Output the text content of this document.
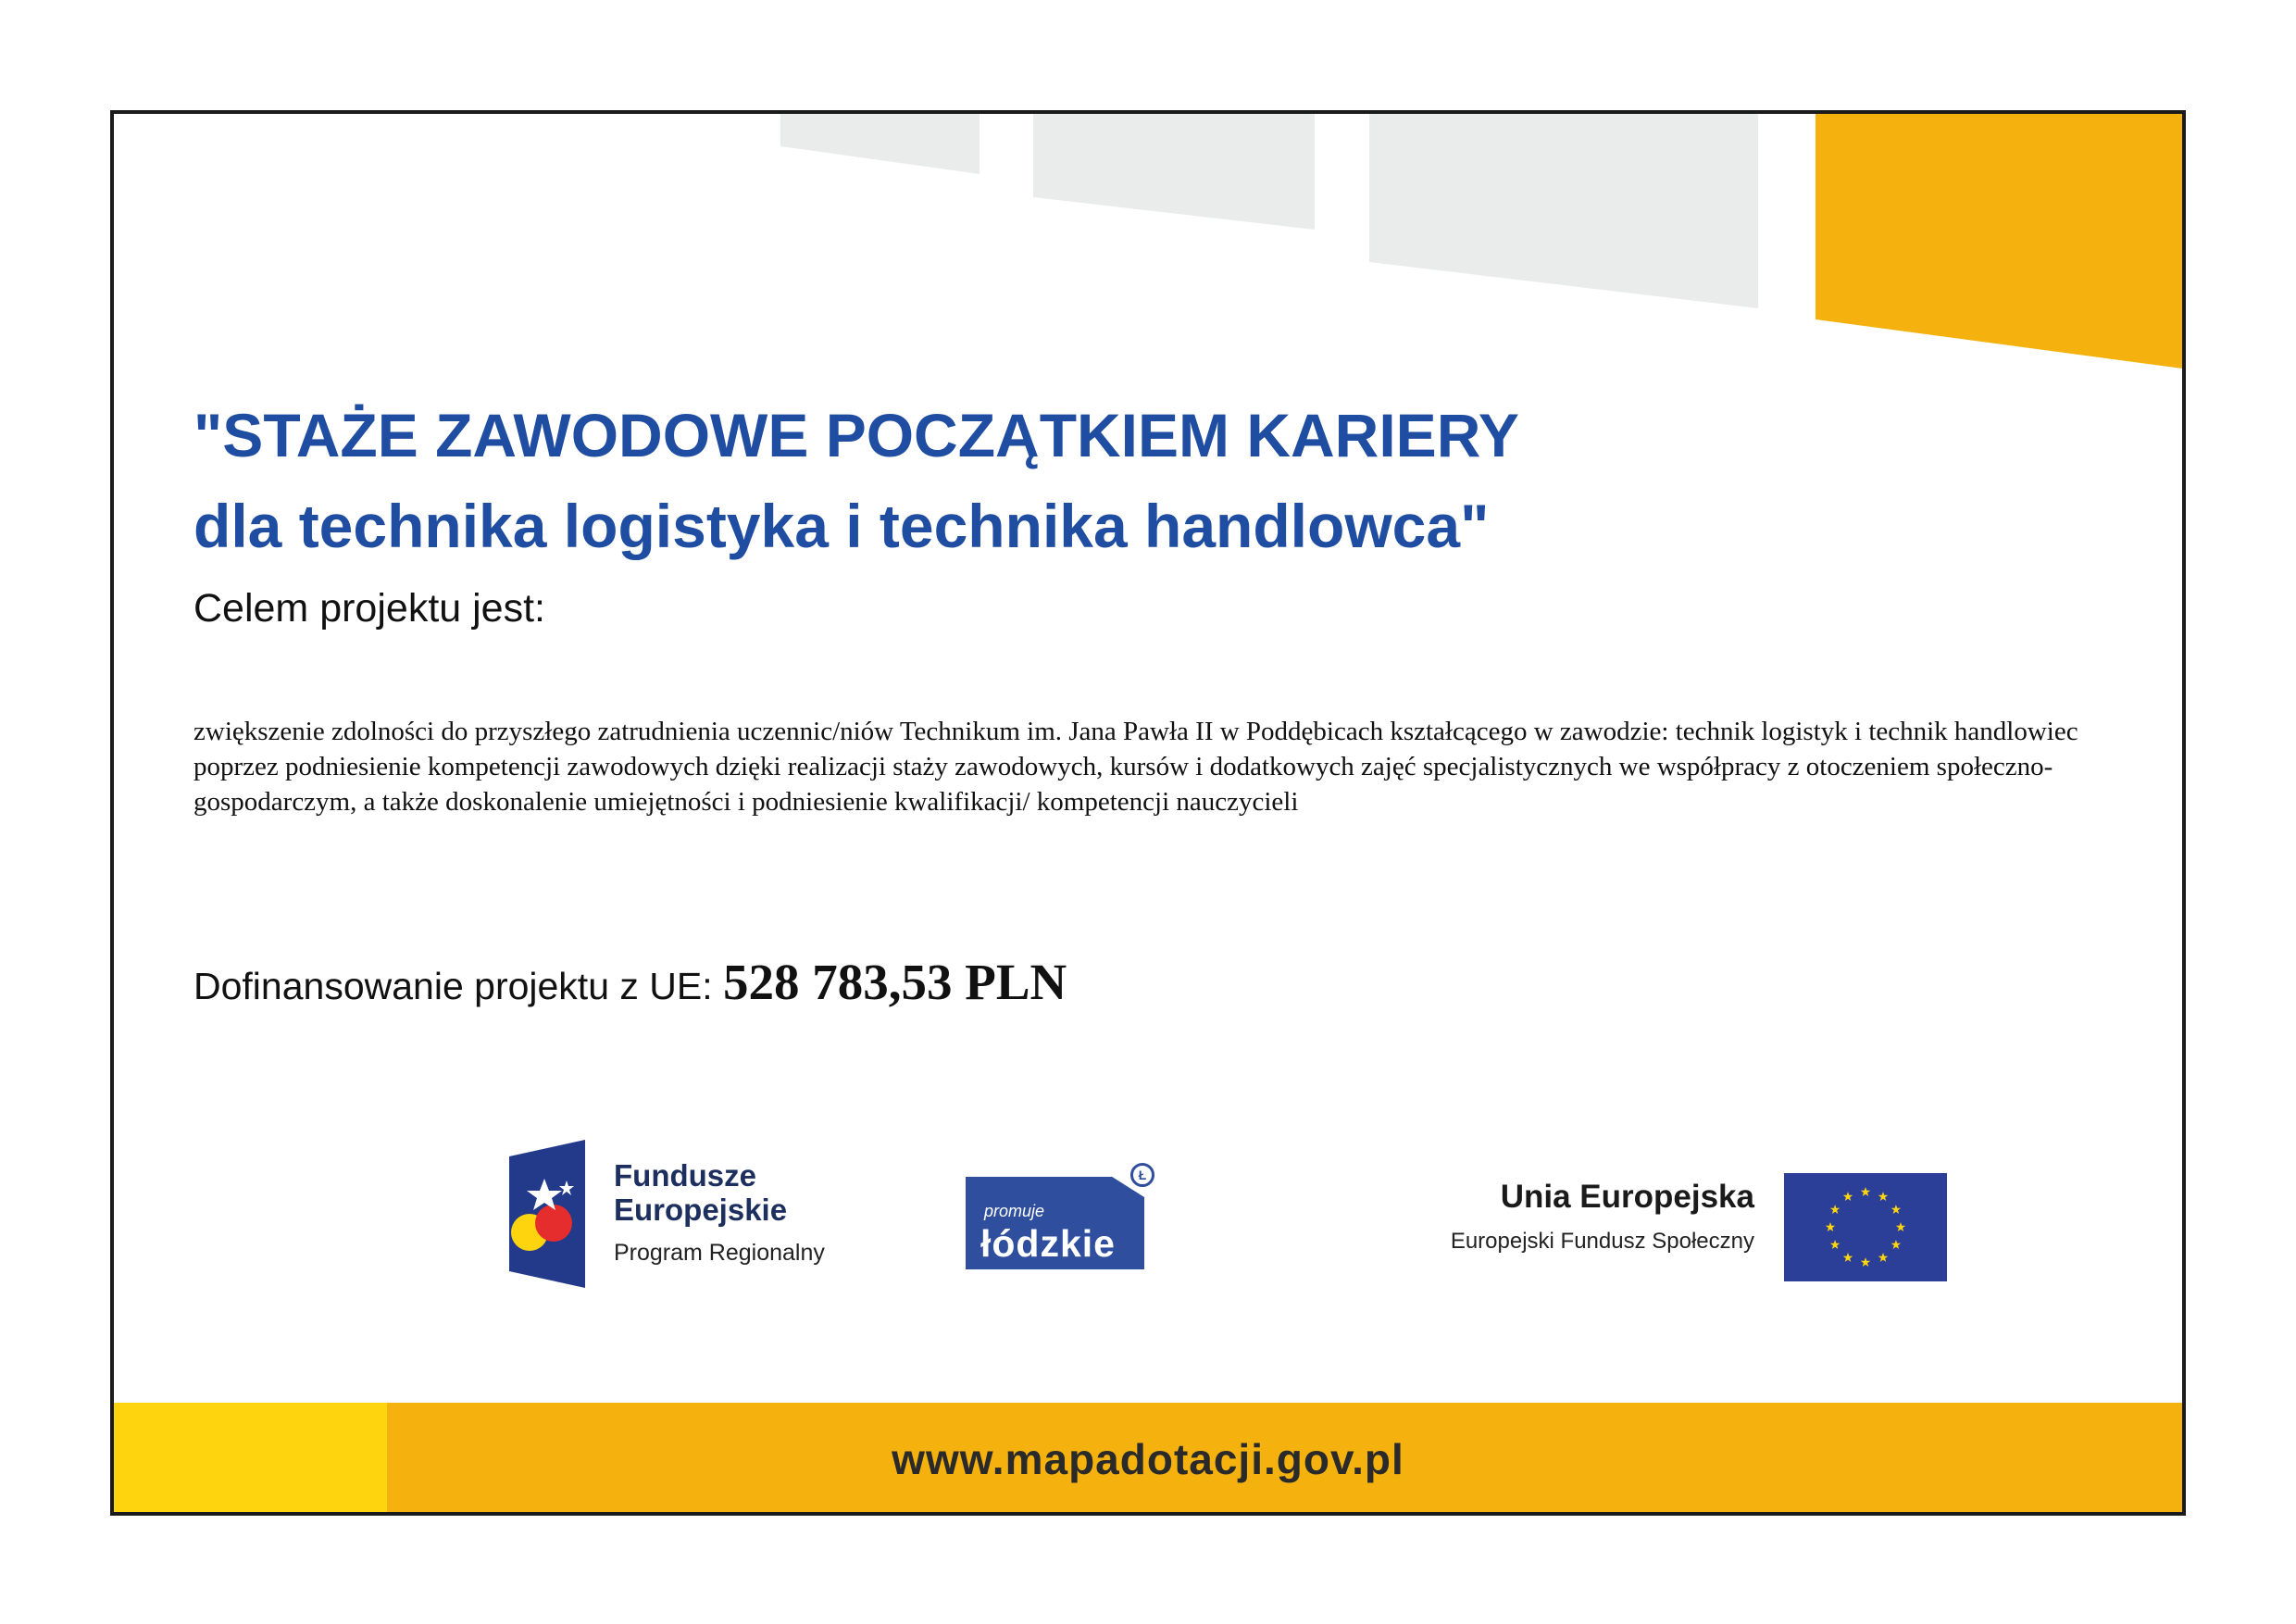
"STAŻE ZAWODOWE POCZĄTKIEM KARIERY
dla technika logistyka i technika handlowca"
Celem projektu jest:
zwiększenie zdolności do przyszłego zatrudnienia uczennic/niów Technikum im. Jana Pawła II w Poddębicach kształcącego w zawodzie: technik logistyk i technik handlowiec poprzez podniesienie kompetencji zawodowych dzięki realizacji staży zawodowych, kursów i dodatkowych zajęć specjalistycznych we współpracy z otoczeniem społeczno-gospodarczym, a także doskonalenie umiejętności i podniesienie kwalifikacji/ kompetencji nauczycieli
Dofinansowanie projektu z UE: 528 783,53 PLN
Fundusze
Europejskie
Program Regionalny
promuje
łódzkie
Ł
Unia Europejska
Europejski Fundusz Społeczny
www.mapadotacji.gov.pl
